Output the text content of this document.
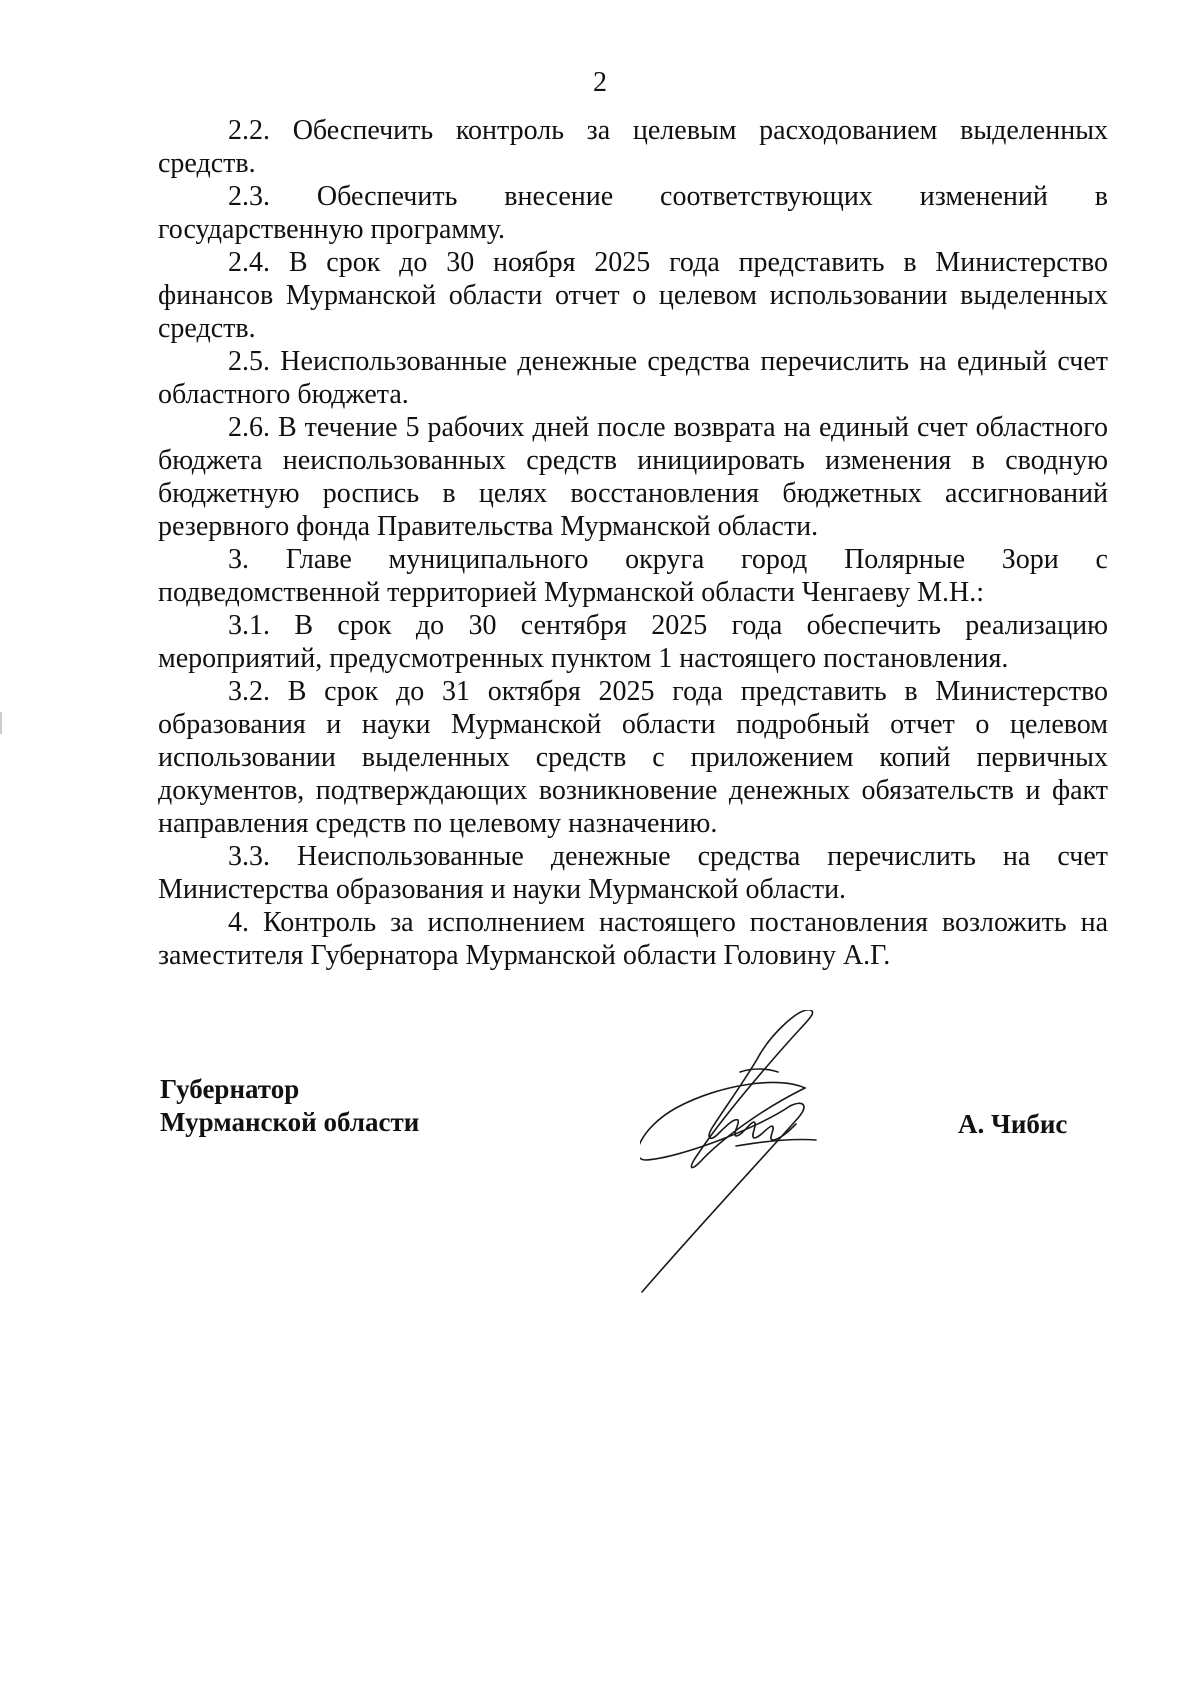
2

2.2. Обеспечить контроль за целевым расходованием выделенных средств.

2.3. Обеспечить внесение соответствующих изменений в государственную программу.

2.4. В срок до 30 ноября 2025 года представить в Министерство финансов Мурманской области отчет о целевом использовании выделенных средств.

2.5. Неиспользованные денежные средства перечислить на единый счет областного бюджета.

2.6. В течение 5 рабочих дней после возврата на единый счет областного бюджета неиспользованных средств инициировать изменения в сводную бюджетную роспись в целях восстановления бюджетных ассигнований резервного фонда Правительства Мурманской области.

3. Главе муниципального округа город Полярные Зори с подведомственной территорией Мурманской области Ченгаеву М.Н.:

3.1. В срок до 30 сентября 2025 года обеспечить реализацию мероприятий, предусмотренных пунктом 1 настоящего постановления.

3.2. В срок до 31 октября 2025 года представить в Министерство образования и науки Мурманской области подробный отчет о целевом использовании выделенных средств с приложением копий первичных документов, подтверждающих возникновение денежных обязательств и факт направления средств по целевому назначению.

3.3. Неиспользованные денежные средства перечислить на счет Министерства образования и науки Мурманской области.

4. Контроль за исполнением настоящего постановления возложить на заместителя Губернатора Мурманской области Головину А.Г.

Губернатор
Мурманской области	А. Чибис
